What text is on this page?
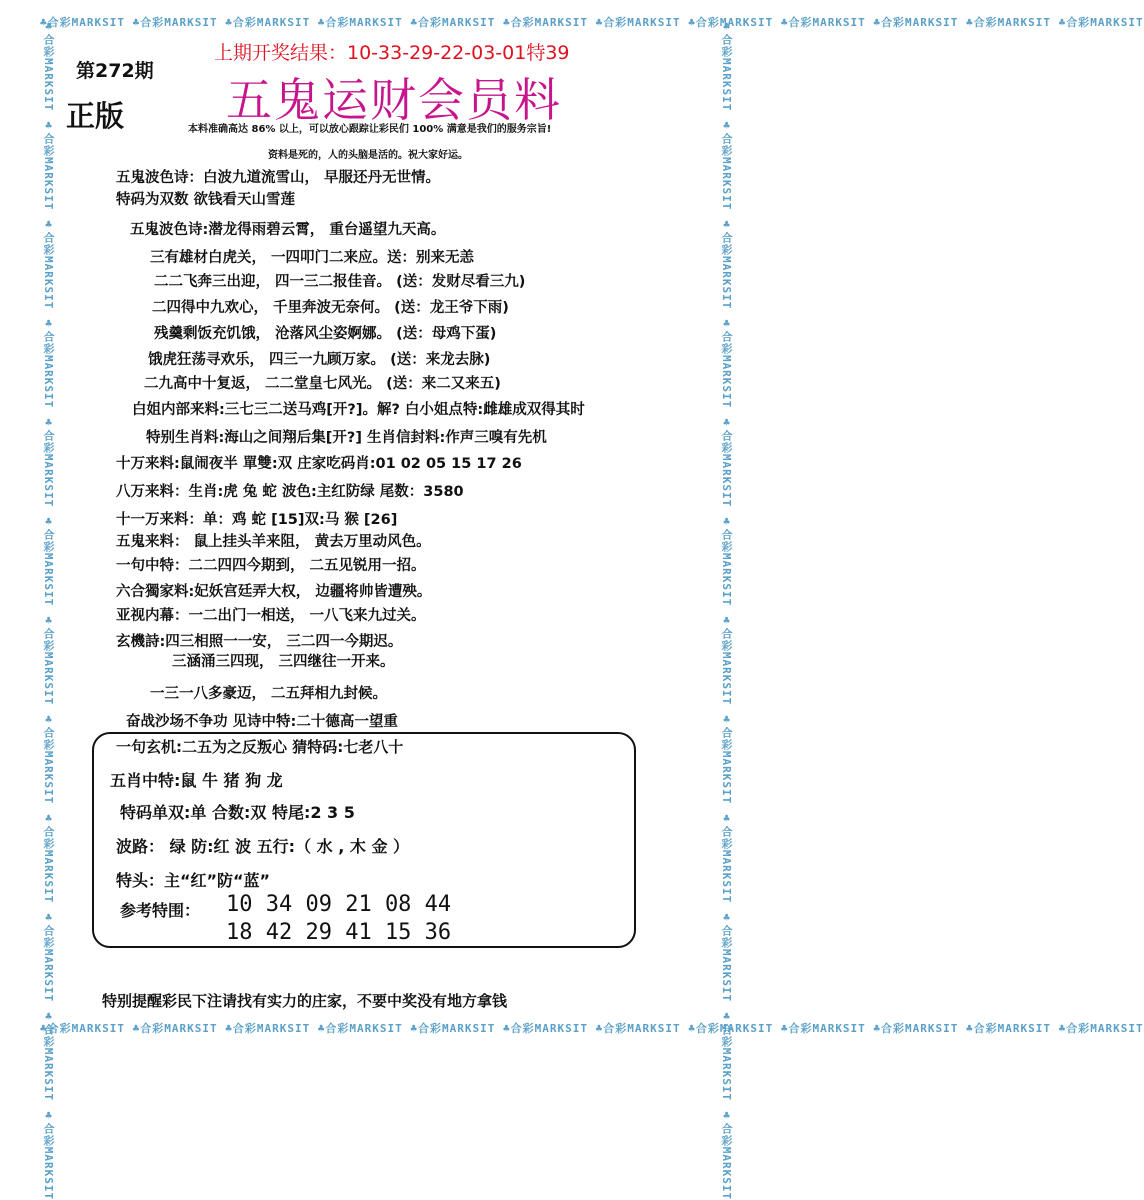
♣合彩MARKSIT ♣合彩MARKSIT ♣合彩MARKSIT ♣合彩MARKSIT ♣合彩MARKSIT ♣合彩MARKSIT ♣合彩MARKSIT ♣合彩MARKSIT ♣合彩MARKSIT ♣合彩MARKSIT ♣合彩MARKSIT ♣合彩MARKSIT
♣合彩MARKSIT ♣合彩MARKSIT ♣合彩MARKSIT ♣合彩MARKSIT ♣合彩MARKSIT ♣合彩MARKSIT ♣合彩MARKSIT ♣合彩MARKSIT ♣合彩MARKSIT ♣合彩MARKSIT ♣合彩MARKSIT ♣合彩MARKSIT
♣合彩MARKSIT ♣合彩MARKSIT ♣合彩MARKSIT ♣合彩MARKSIT ♣合彩MARKSIT ♣合彩MARKSIT ♣合彩MARKSIT ♣合彩MARKSIT ♣合彩MARKSIT ♣合彩MARKSIT ♣合彩MARKSIT ♣合彩MARKSIT	♣合彩MARKSIT ♣合彩MARKSIT ♣合彩MARKSIT ♣合彩MARKSIT ♣合彩MARKSIT ♣合彩MARKSIT ♣合彩MARKSIT ♣合彩MARKSIT ♣合彩MARKSIT ♣合彩MARKSIT ♣合彩MARKSIT ♣合彩MARKSIT
第272期
正版
上期开奖结果：10-33-29-22-03-01特39
五鬼运财会员料
本料准确高达 86% 以上，可以放心跟踪让彩民们 100% 满意是我们的服务宗旨!
资料是死的，人的头脑是活的。祝大家好运。
五鬼波色诗：白波九道流雪山， 早服还丹无世情。
特码为双数 欲钱看天山雪莲
五鬼波色诗:潜龙得雨碧云霄， 重台遥望九天高。
三有雄材白虎关， 一四叩门二来应。送：别来无恙
二二飞奔三出迎， 四一三二报佳音。 (送：发财尽看三九)
二四得中九欢心， 千里奔波无奈何。 (送：龙王爷下雨)
残羹剩饭充饥饿， 沧落风尘姿婀娜。 (送：母鸡下蛋)
饿虎狂荡寻欢乐， 四三一九顾万家。 (送：来龙去脉)
二九高中十复返， 二二堂皇七风光。 (送：来二又来五)
白姐内部来料:三七三二送马鸡[开?]。解? 白小姐点特:雌雄成双得其时
特别生肖料:海山之间翔后集[开?] 生肖信封料:作声三嗅有先机
十万来料:鼠闹夜半 單雙:双 庄家吃码肖:01 02 05 15 17 26
八万来料：生肖:虎 兔 蛇 波色:主红防绿 尾数：3580
十一万来料：单：鸡 蛇 [15]双:马 猴 [26]
五鬼来料： 鼠上挂头羊来阻， 黄去万里动风色。
一句中特：二二四四今期到， 二五见锐用一招。
六合獨家料:妃妖宫廷弄大权， 边疆将帅皆遭殃。
亚视内幕：一二出门一相送， 一八飞来九过关。
玄機詩:四三相照一一安， 三二四一今期迟。
三涵涌三四现， 三四继往一开来。
一三一八多豪迈， 二五拜相九封候。
奋战沙场不争功 见诗中特:二十德高一望重
一句玄机:二五为之反叛心 猜特码:七老八十
五肖中特:鼠 牛 猪 狗 龙
特码单双:单 合数:双 特尾:2 3 5
波路： 绿 防:红 波 五行:（ 水 , 木 金 ）
特头：主“红”防“蓝”
参考特围： 10 34 09 21 08 44
18 42 29 41 15 36
特别提醒彩民下注请找有实力的庄家，不要中奖没有地方拿钱
